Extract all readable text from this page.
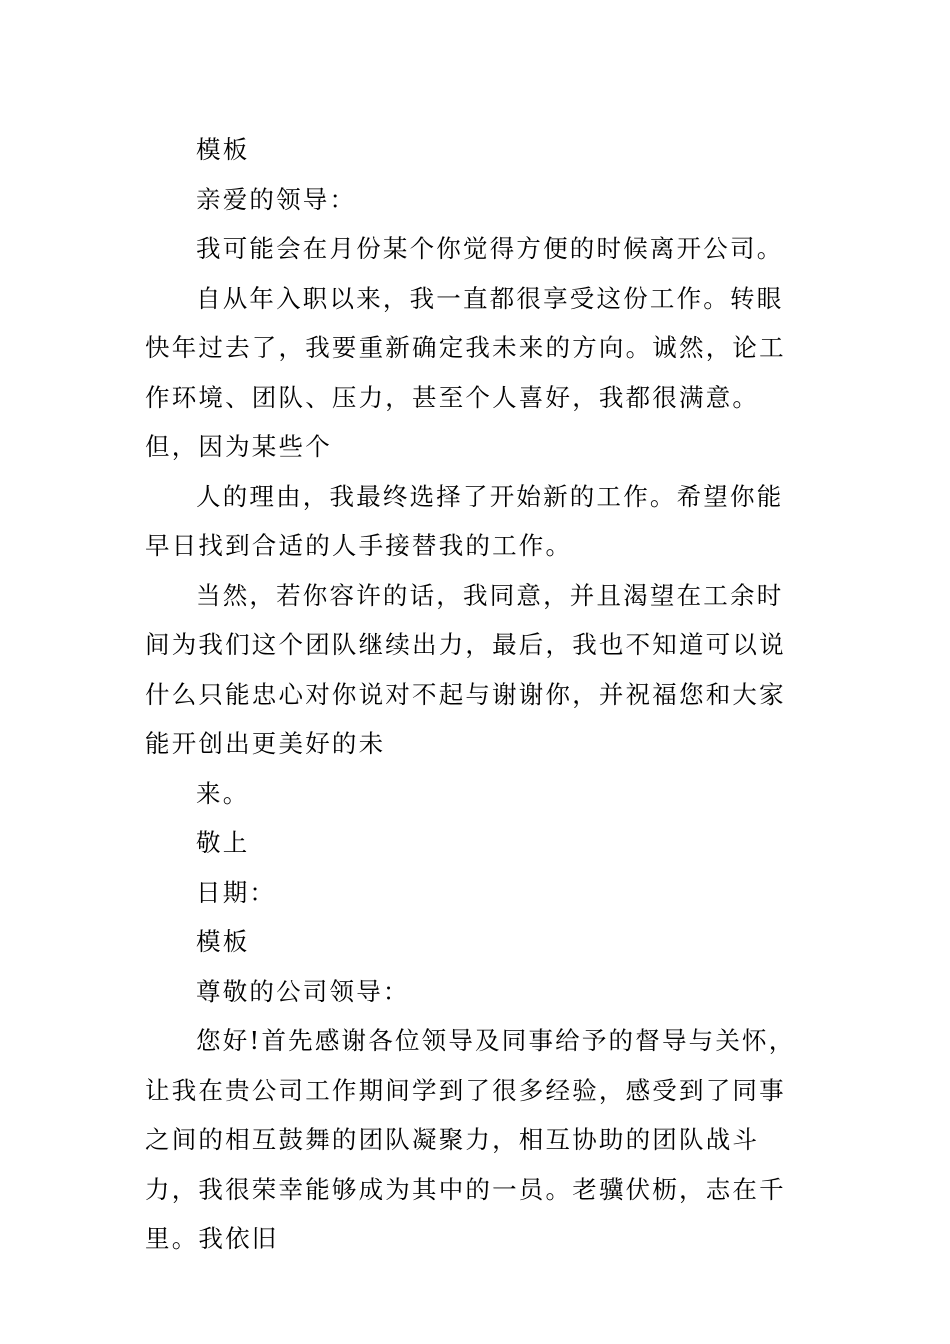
模板

亲爱的领导：

我可能会在月份某个你觉得方便的时候离开公司。

自从年入职以来，我一直都很享受这份工作。转眼快年过去了，我要重新确定我未来的方向。诚然，论工作环境、团队、压力，甚至个人喜好，我都很满意。但，因为某些个

人的理由，我最终选择了开始新的工作。希望你能早日找到合适的人手接替我的工作。

当然，若你容许的话，我同意，并且渴望在工余时间为我们这个团队继续出力，最后，我也不知道可以说什么只能忠心对你说对不起与谢谢你，并祝福您和大家能开创出更美好的未

来。

敬上

日期：

模板

尊敬的公司领导：

您好!首先感谢各位领导及同事给予的督导与关怀，让我在贵公司工作期间学到了很多经验，感受到了同事之间的相互鼓舞的团队凝聚力，相互协助的团队战斗力，我很荣幸能够成为其中的一员。老骥伏枥，志在千里。我依旧
